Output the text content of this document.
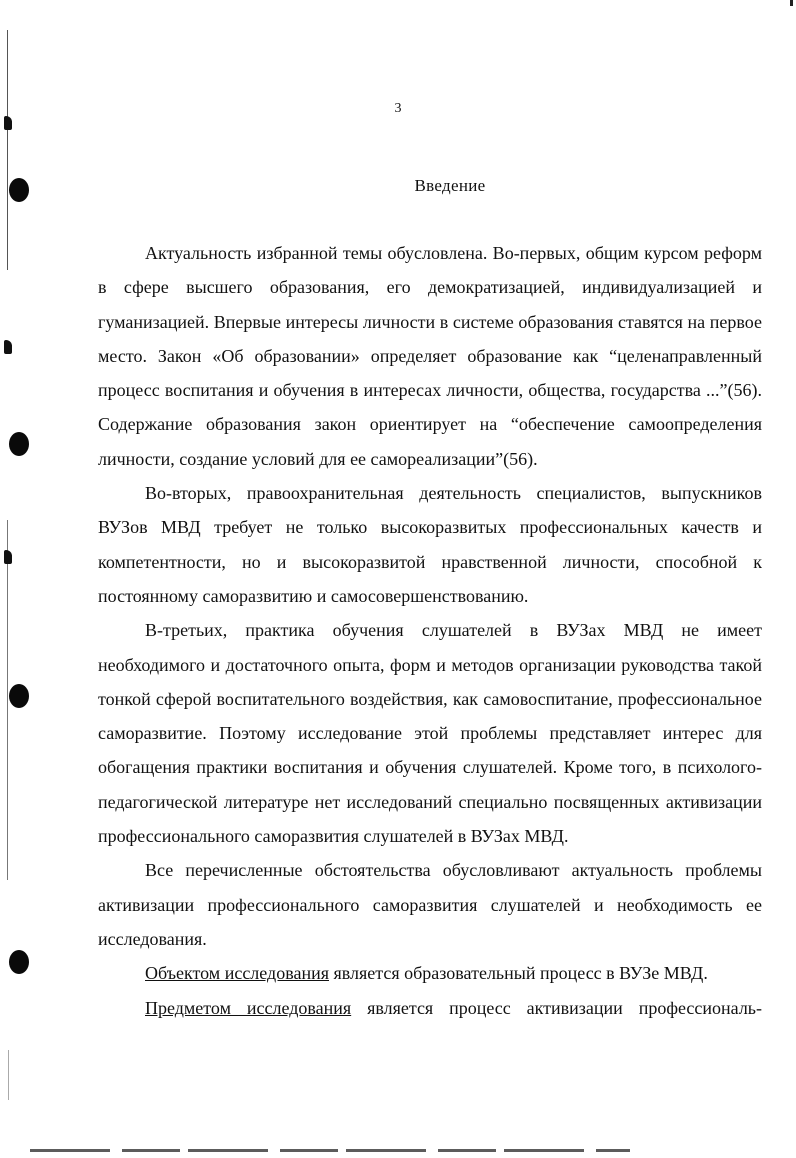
3
Введение

Актуальность избранной темы обусловлена. Во-первых, общим курсом реформ в сфере высшего образования, его демократизацией, индивидуализацией и гуманизацией. Впервые интересы личности в системе образования ставятся на первое место. Закон «Об образовании» определяет образование как “целенаправленный процесс воспитания и обучения в интересах личности, общества, государства ...”(56). Содержание образования закон ориентирует на “обеспечение самоопределения личности, создание условий для ее самореализации”(56).

Во-вторых, правоохранительная деятельность специалистов, выпускников ВУЗов МВД требует не только высокоразвитых профессиональных качеств и компетентности, но и высокоразвитой нравственной личности, способной к постоянному саморазвитию и самосовершенствованию.

В-третьих, практика обучения слушателей в ВУЗах МВД не имеет необходимого и достаточного опыта, форм и методов организации руководства такой тонкой сферой воспитательного воздействия, как самовоспитание, профессиональное саморазвитие. Поэтому исследование этой проблемы представляет интерес для обогащения практики воспитания и обучения слушателей. Кроме того, в психолого-педагогической литературе нет исследований специально посвященных активизации профессионального саморазвития слушателей в ВУЗах МВД.

Все перечисленные обстоятельства обусловливают актуальность проблемы активизации профессионального саморазвития слушателей и необходимость ее исследования.

Объектом исследования является образовательный процесс в ВУЗе МВД.

Предметом исследования является процесс активизации профессиональ-
